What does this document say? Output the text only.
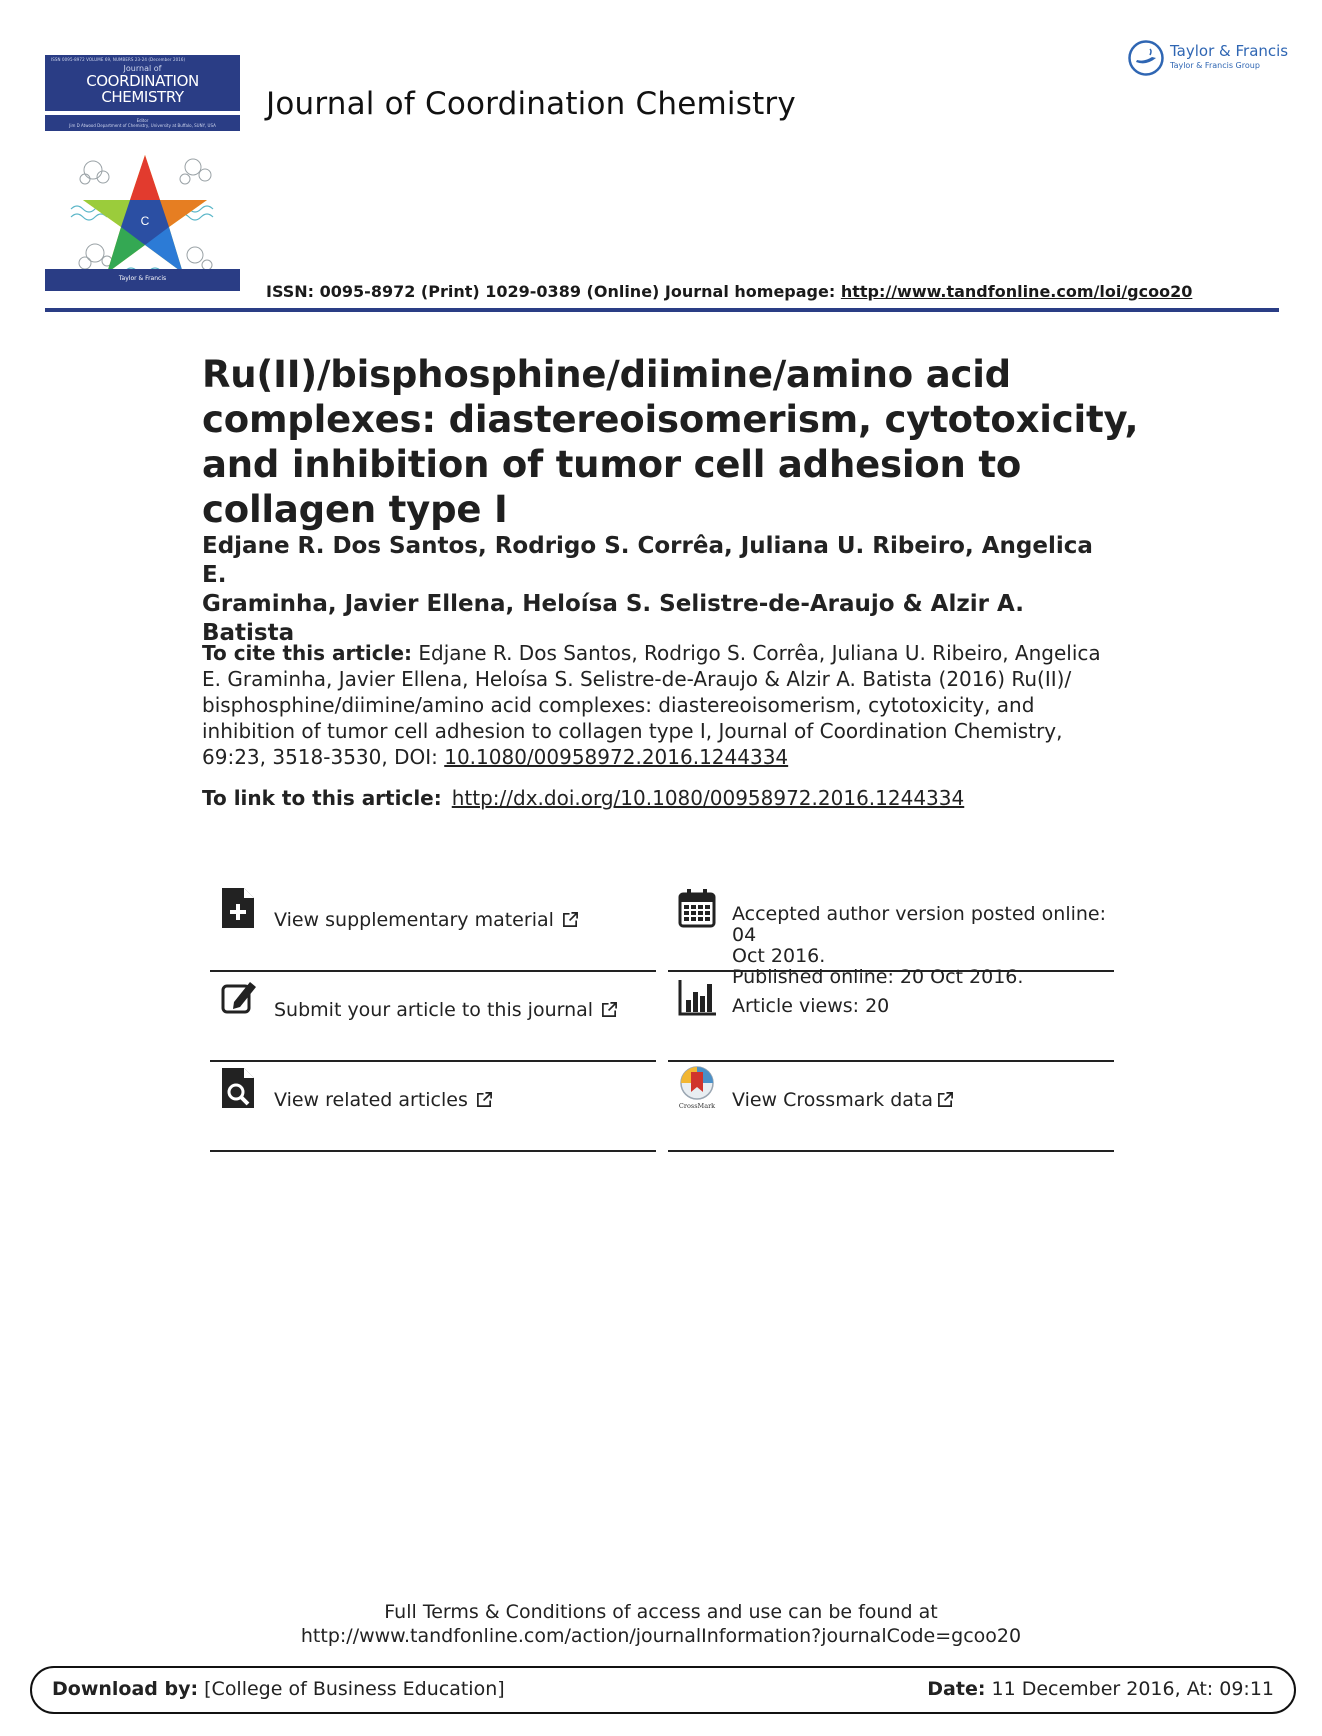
ISSN 0095-8972 VOLUME 69, NUMBERS 23-24 (December 2016)
Journal of
COORDINATION
CHEMISTRY
Editor
Jim D Atwood Department of Chemistry, University at Buffalo, SUNY, USA
C
Taylor & Francis
Journal of Coordination Chemistry
Taylor & Francis
Taylor & Francis Group
ISSN: 0095-8972 (Print) 1029-0389 (Online) Journal homepage: http://www.tandfonline.com/loi/gcoo20
Ru(II)/bisphosphine/diimine/amino acid complexes: diastereoisomerism, cytotoxicity, and inhibition of tumor cell adhesion to collagen type I
Edjane R. Dos Santos, Rodrigo S. Corrêa, Juliana U. Ribeiro, Angelica E.
Graminha, Javier Ellena, Heloísa S. Selistre-de-Araujo & Alzir A. Batista
To cite this article: Edjane R. Dos Santos, Rodrigo S. Corrêa, Juliana U. Ribeiro, Angelica E. Graminha, Javier Ellena, Heloísa S. Selistre-de-Araujo & Alzir A. Batista (2016) Ru(II)/ bisphosphine/diimine/amino acid complexes: diastereoisomerism, cytotoxicity, and inhibition of tumor cell adhesion to collagen type I, Journal of Coordination Chemistry, 69:23, 3518-3530, DOI: 10.1080/00958972.2016.1244334
To link to this article: http://dx.doi.org/10.1080/00958972.2016.1244334
View supplementary material
Submit your article to this journal
View related articles
Accepted author version posted online: 04
Oct 2016.
Published online: 20 Oct 2016.
Article views: 20
CrossMark View Crossmark data
Full Terms & Conditions of access and use can be found at
http://www.tandfonline.com/action/journalInformation?journalCode=gcoo20
Download by: [College of Business Education]	Date: 11 December 2016, At: 09:11
